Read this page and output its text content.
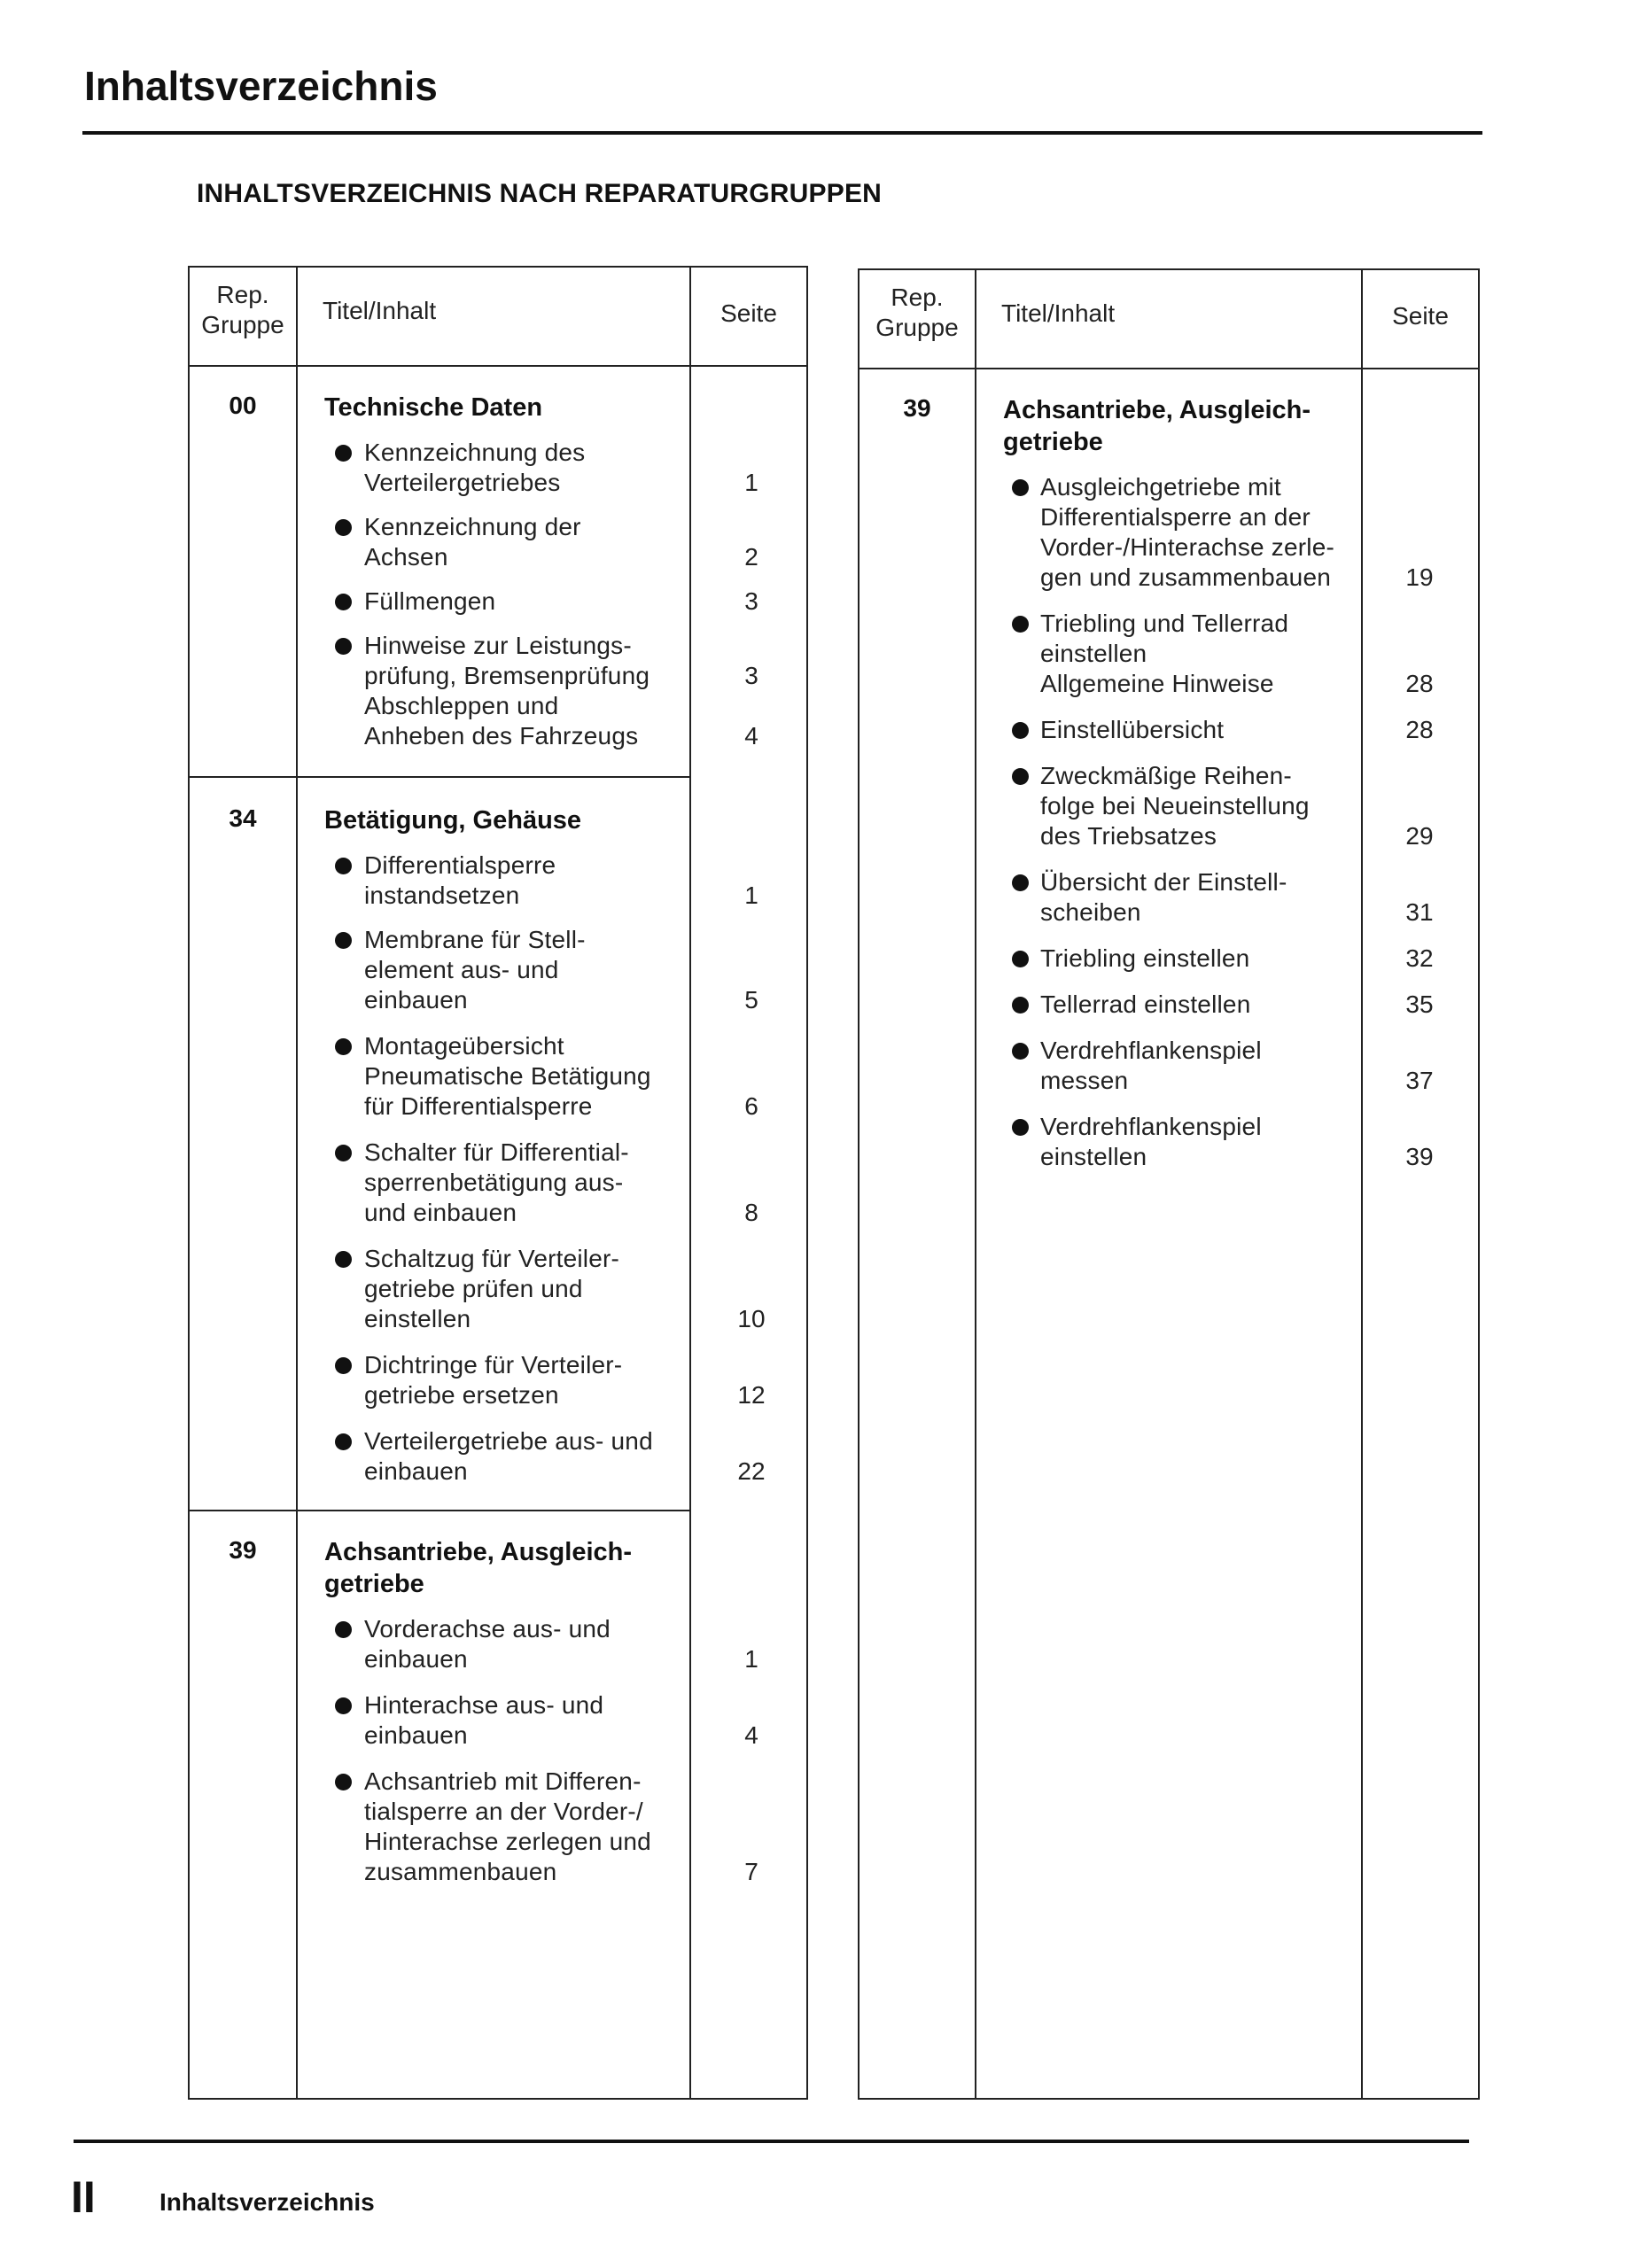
Inhaltsverzeichnis
INHALTSVERZEICHNIS NACH REPARATURGRUPPEN
Rep.
Gruppe
Titel/Inhalt	Seite
00	Technische Daten
Kennzeichnung des
Verteilergetriebes	1
Kennzeichnung der
Achsen	2
Füllmengen	3
Hinweise zur Leistungs-
prüfung, Bremsenprüfung	3
Abschleppen und
Anheben des Fahrzeugs	4
34	Betätigung, Gehäuse
Differentialsperre
instandsetzen	1
Membrane für Stell-
element aus- und
einbauen	5
Montageübersicht
Pneumatische Betätigung
für Differentialsperre	6
Schalter für Differential-
sperrenbetätigung aus-
und einbauen	8
Schaltzug für Verteiler-
getriebe prüfen und
einstellen	10
Dichtringe für Verteiler-
getriebe ersetzen	12
Verteilergetriebe aus- und
einbauen	22
39	Achsantriebe, Ausgleich-
getriebe
Vorderachse aus- und
einbauen	1
Hinterachse aus- und
einbauen	4
Achsantrieb mit Differen-
tialsperre an der Vorder-/
Hinterachse zerlegen und
zusammenbauen	7
Rep.
Gruppe
Titel/Inhalt	Seite
39	Achsantriebe, Ausgleich-
getriebe
Ausgleichgetriebe mit
Differentialsperre an der
Vorder-/Hinterachse zerle-
gen und zusammenbauen	19
Triebling und Tellerrad
einstellen
Allgemeine Hinweise	28
Einstellübersicht	28
Zweckmäßige Reihen-
folge bei Neueinstellung
des Triebsatzes	29
Übersicht der Einstell-
scheiben	31
Triebling einstellen	32
Tellerrad einstellen	35
Verdrehflankenspiel
messen	37
Verdrehflankenspiel
einstellen	39
II	Inhaltsverzeichnis
